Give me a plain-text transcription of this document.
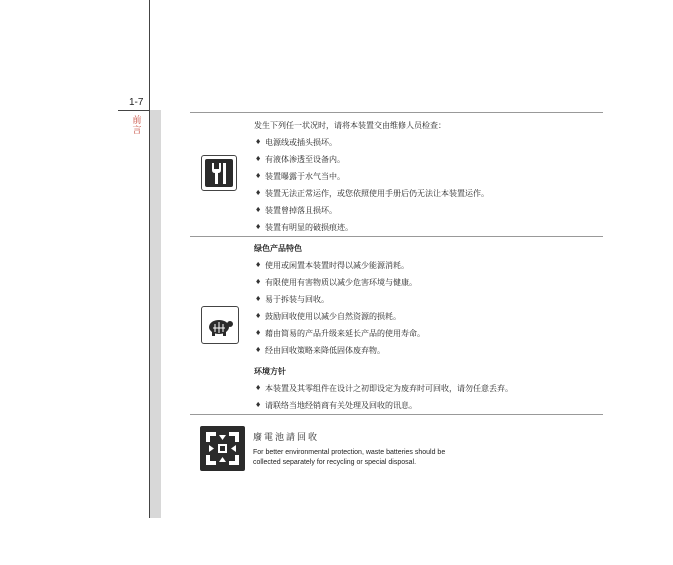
1-7
前言
发生下列任一状况时，请将本装置交由维修人员检查：
♦ 电源线或插头损坏。
♦ 有液体渗透至设备内。
♦ 装置曝露于水气当中。
♦ 装置无法正常运作，或您依照使用手册后仍无法让本装置运作。
♦ 装置曾掉落且损坏。
♦ 装置有明显的破损痕迹。
绿色产品特色
♦ 使用或闲置本装置时得以减少能源消耗。
♦ 有限使用有害物质以减少危害环境与健康。
♦ 易于拆装与回收。
♦ 鼓励回收使用以减少自然资源的损耗。
♦ 藉由简易的产品升级来延长产品的使用寿命。
♦ 经由回收策略来降低固体废弃物。
环境方针
♦ 本装置及其零组件在设计之初即设定为废弃时可回收，请勿任意丢弃。
♦ 请联络当地经销商有关处理及回收的讯息。
廢電池請回收
For better environmental protection, waste batteries should be
collected separately for recycling or special disposal.
